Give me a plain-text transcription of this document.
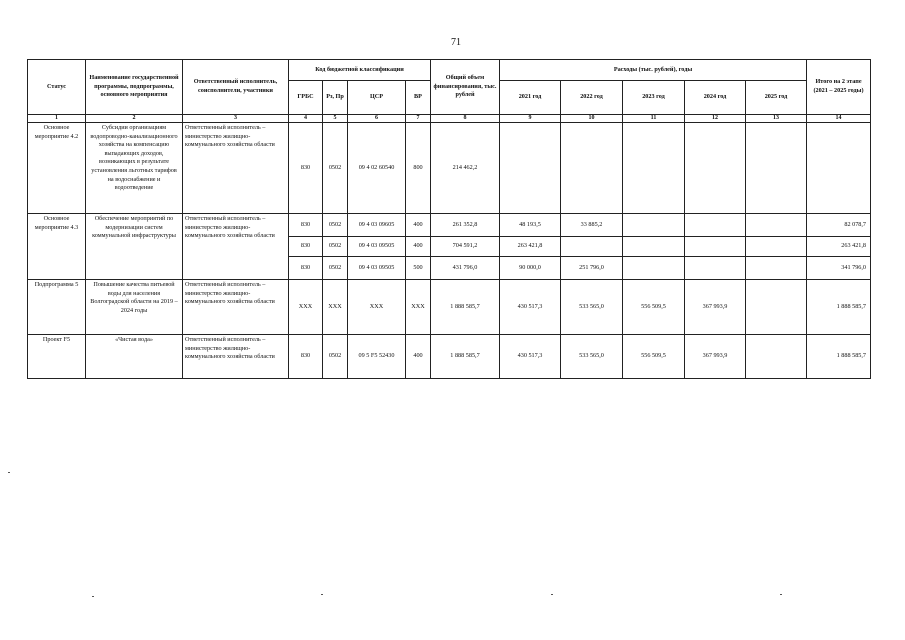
71
Статус	Наименование государственной программы, подпрограммы, основного мероприятия	Ответственный исполнитель, соисполнители, участники	Код бюджетной классификации				Общий объем финансирования, тыс. рублей	Расходы (тыс. рублей), годы					Итого на 2 этапе (2021 – 2025 годы)
			ГРБС	Рз, Пр	ЦСР	ВР		2021 год	2022 год	2023 год	2024 год	2025 год	
1	2	3	4	5	6	7	8	9	10	11	12	13	14
Основное мероприятие 4.2	Субсидии организациям водопроводно-канализационного хозяйства на компенсацию выпадающих доходов, возникающих в результате установления льготных тарифов на водоснабжение и водоотведение	Ответственный исполнитель – министерство жилищно-коммунального хозяйства области	830	0502	09 4 02 60540	800	214 462,2						
Основное мероприятие 4.3	Обеспечение мероприятий по модернизации систем коммунальной инфраструктуры	Ответственный исполнитель – министерство жилищно-коммунального хозяйства области	830	0502	09 4 03 09605	400	261 352,8	48 193,5	33 885,2				82 078,7
			830	0502	09 4 03 09505	400	704 591,2	263 421,8					263 421,8
			830	0502	09 4 03 09505	500	431 796,0	90 000,0	251 796,0				341 796,0
Подпрограмма 5	Повышение качества питьевой воды для населения Волгоградской области на 2019 – 2024 годы	Ответственный исполнитель – министерство жилищно-коммунального хозяйства области	XXX	XXX	XXX	XXX	1 888 585,7	430 517,3	533 565,0	556 509,5	367 993,9		1 888 585,7
Проект F5	«Чистая вода»	Ответственный исполнитель – министерство жилищно-коммунального хозяйства области	830	0502	09 5 F5 52430	400	1 888 585,7	430 517,3	533 565,0	556 509,5	367 993,9		1 888 585,7
